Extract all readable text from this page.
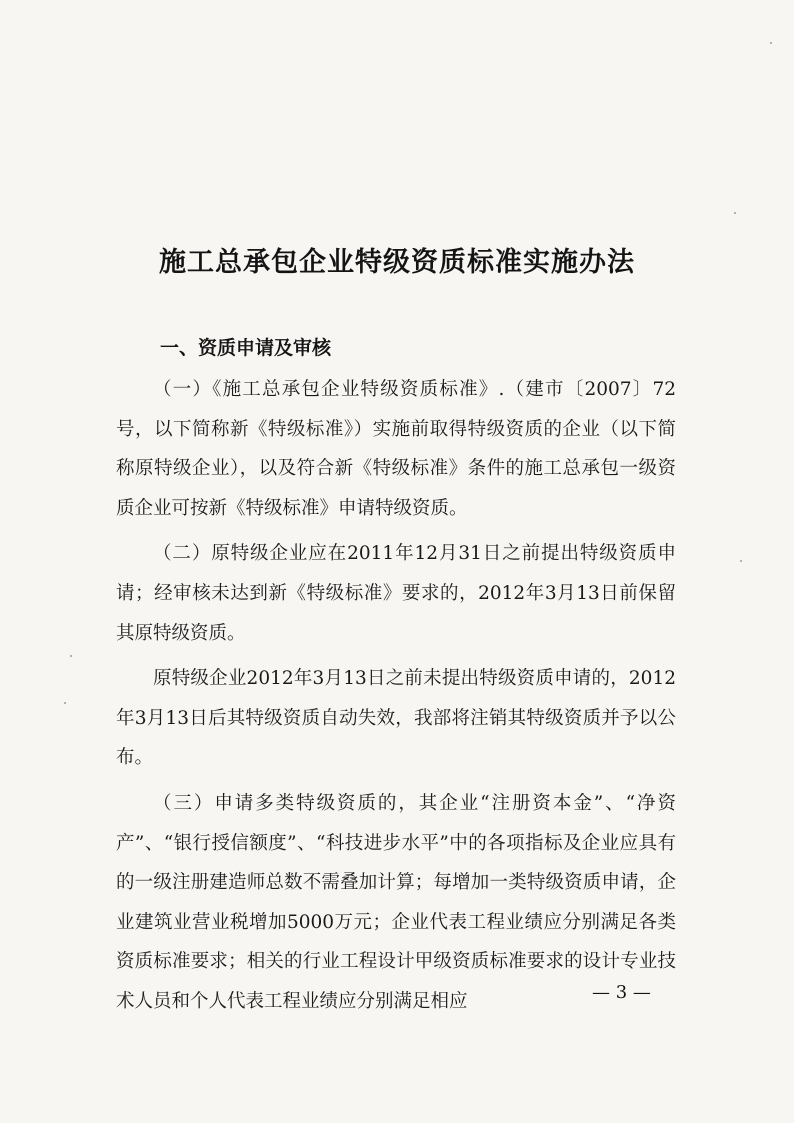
施工总承包企业特级资质标准实施办法
一、资质申请及审核

（一）《施工总承包企业特级资质标准》.（建市〔2007〕72号，以下简称新《特级标准》）实施前取得特级资质的企业（以下简称原特级企业），以及符合新《特级标准》条件的施工总承包一级资质企业可按新《特级标准》申请特级资质。

（二）原特级企业应在2011年12月31日之前提出特级资质申请；经审核未达到新《特级标准》要求的，2012年3月13日前保留其原特级资质。

原特级企业2012年3月13日之前未提出特级资质申请的，2012年3月13日后其特级资质自动失效，我部将注销其特级资质并予以公布。

（三）申请多类特级资质的，其企业“注册资本金”、“净资产”、“银行授信额度”、“科技进步水平”中的各项指标及企业应具有的一级注册建造师总数不需叠加计算；每增加一类特级资质申请，企业建筑业营业税增加5000万元；企业代表工程业绩应分别满足各类资质标准要求；相关的行业工程设计甲级资质标准要求的设计专业技术人员和个人代表工程业绩应分别满足相应	— 3 —
